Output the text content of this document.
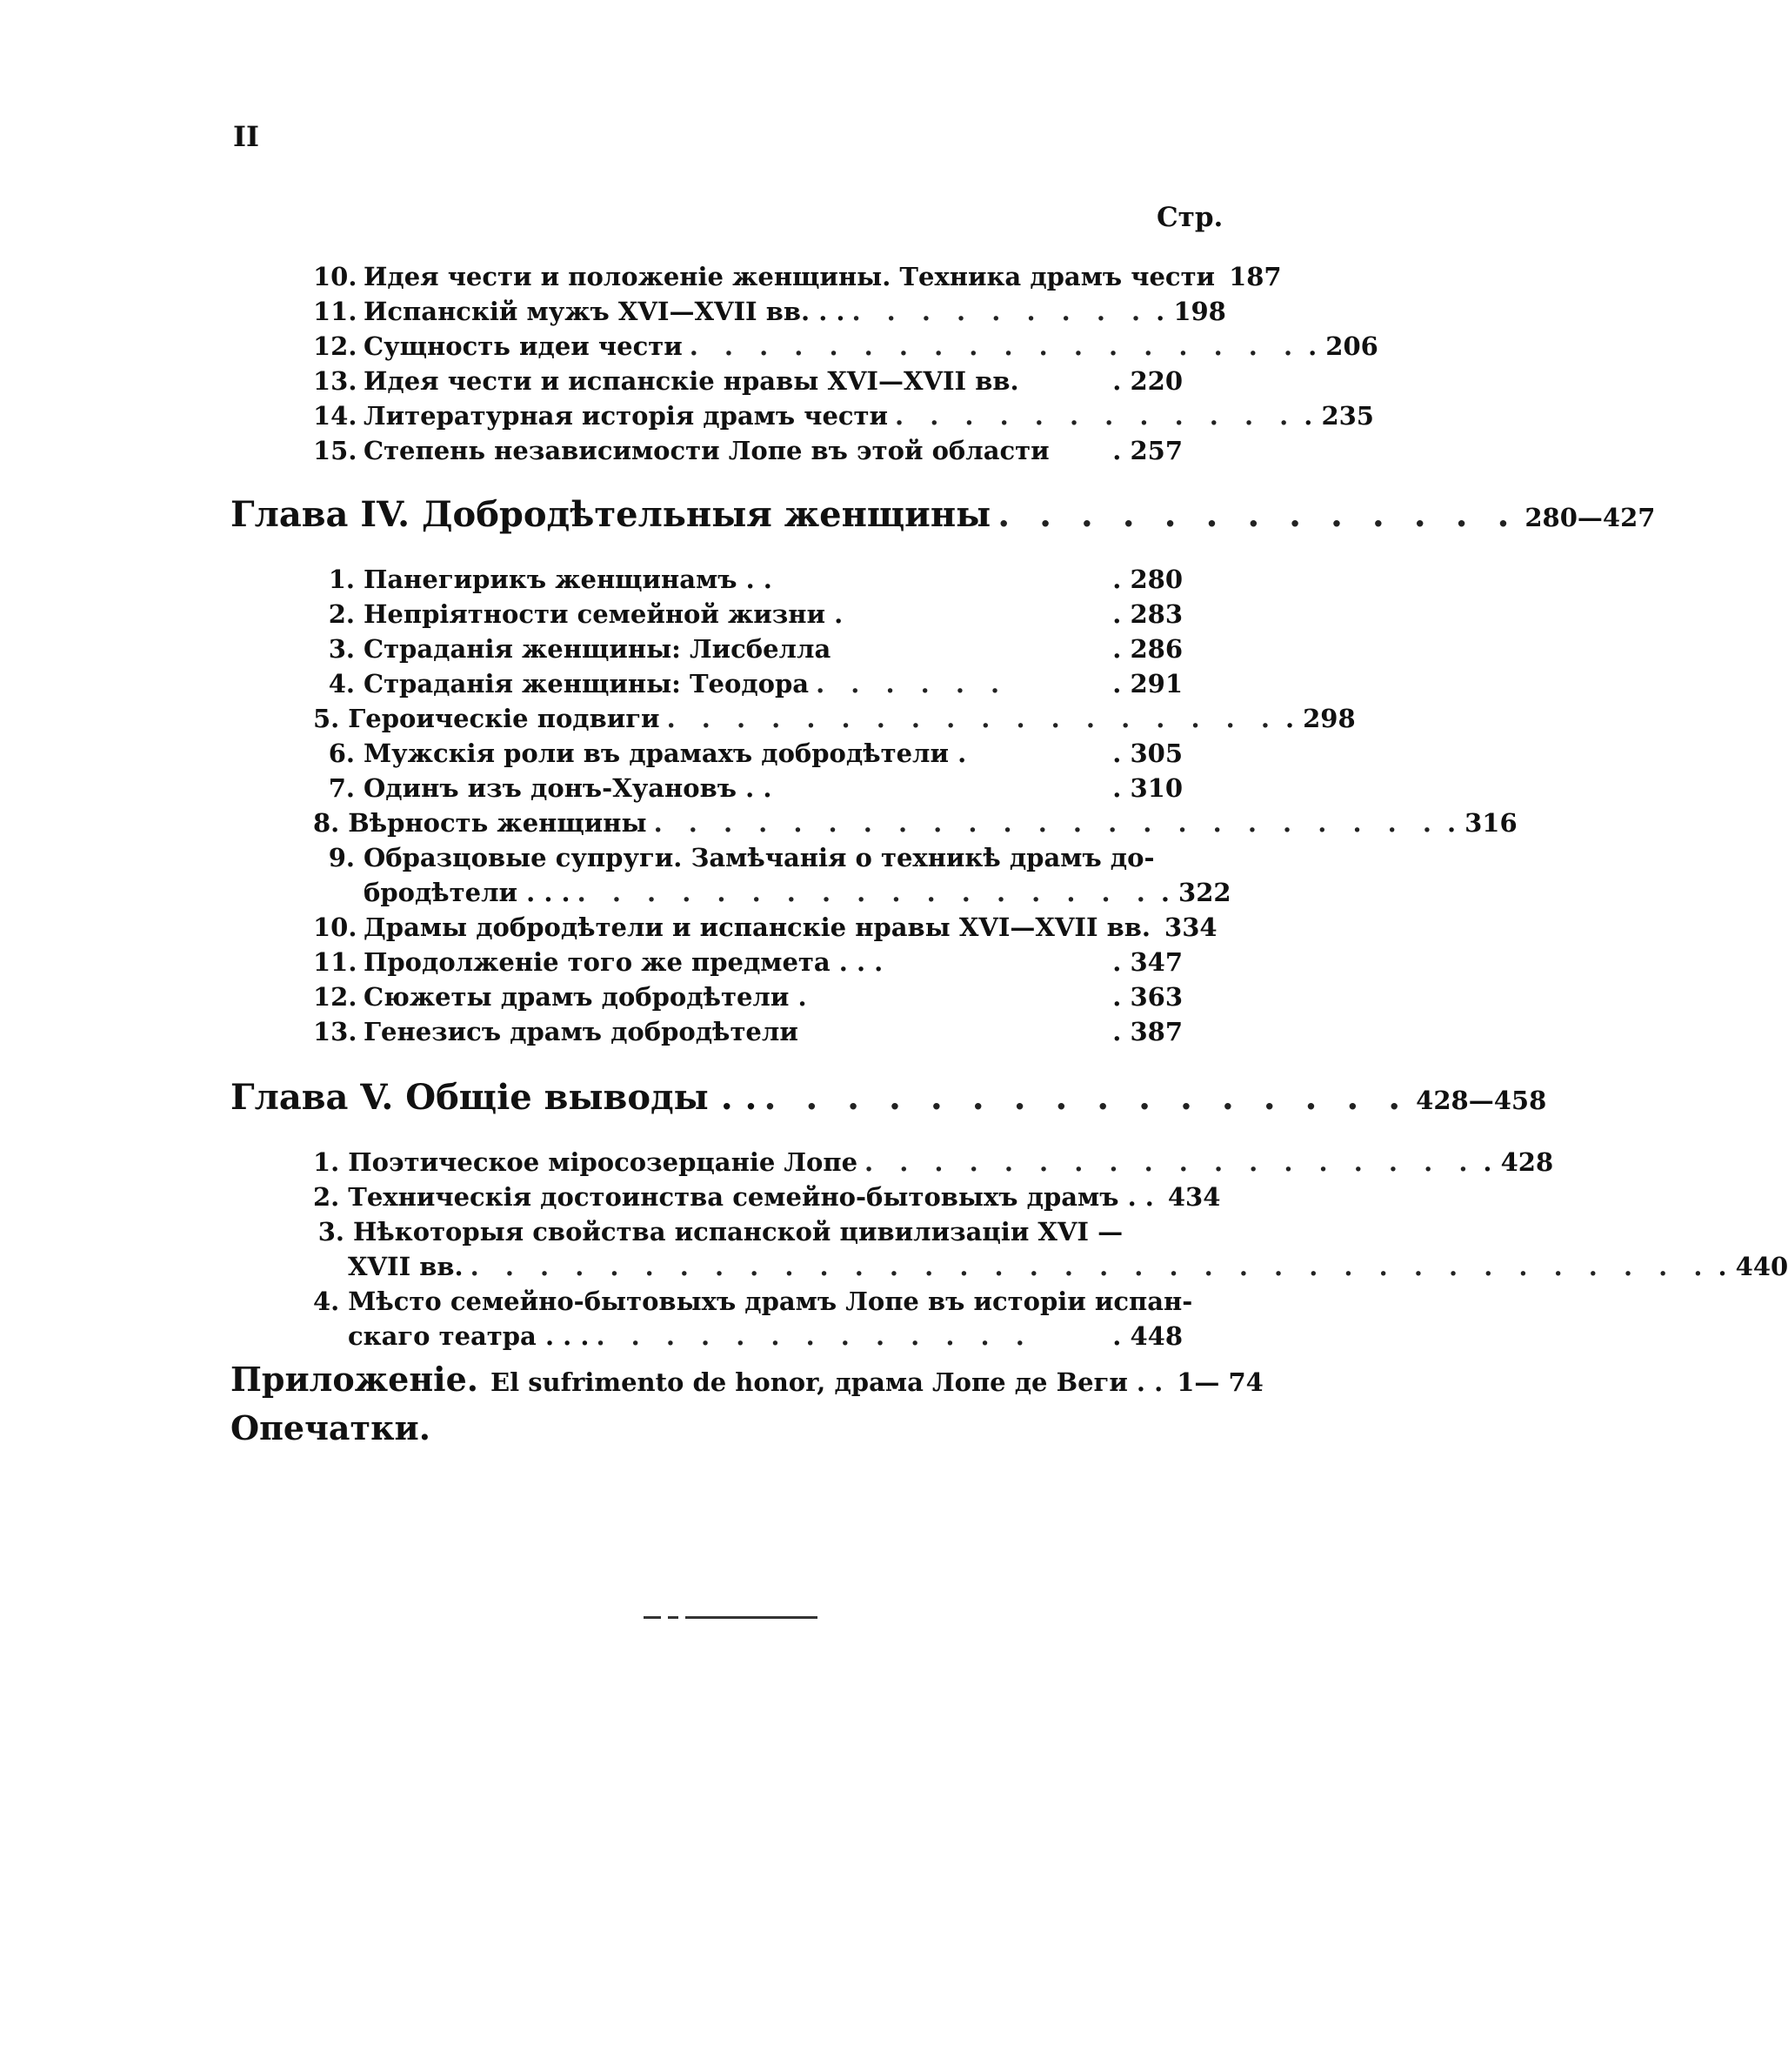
II
Стр.
10. Идея чести и положеніе женщины. Техника драмъ чести 187
11. Испанскій мужъ XVI—XVII вв. . . . . . . . . . . . . 198
12. Сущность идеи чести . . . . . . . . . . . . . . . . . . . 206
13. Идея чести и испанскіе нравы XVI—XVII вв.	. 220
14. Литературная исторія драмъ чести . . . . . . . . . . . . . 235
15. Степень независимости Лопе въ этой области	. 257
Глава IV. Добродѣтельныя женщины . . . . . . . . . . . . . 280—427
1. Панегирикъ женщинамъ . .	. 280
2. Непріятности семейной жизни .	. 283
3. Страданія женщины: Лисбелла	. 286
4. Страданія женщины: Теодора . . . . . .	. 291
5. Героическіе подвиги . . . . . . . . . . . . . . . . . . . 298
6. Мужскія роли въ драмахъ добродѣтели .	. 305
7. Одинъ изъ донъ-Хуановъ . .	. 310
8. Вѣрность женщины . . . . . . . . . . . . . . . . . . . . . . . . 316
9. Образцовые супруги. Замѣчанія о техникѣ драмъ до-
бродѣтели . . . . . . . . . . . . . . . . . . . . . 322
10. Драмы добродѣтели и испанскіе нравы XVI—XVII вв. 334
11. Продолженіе того же предмета . . .	. 347
12. Сюжеты драмъ добродѣтели .	. 363
13. Генезисъ драмъ добродѣтели	. 387
Глава V. Общіе выводы . . . . . . . . . . . . . . . . . . 428—458
1. Поэтическое міросозерцаніе Лопе . . . . . . . . . . . . . . . . . . . 428
2. Техническія достоинства семейно-бытовыхъ драмъ . . 434
3. Нѣкоторыя свойства испанской цивилизаціи XVI —
XVII вв. . . . . . . . . . . . . . . . . . . . . . . . . . . . . . . . . . . . . . 440
4. Мѣсто семейно-бытовыхъ драмъ Лопе въ исторіи испан-
скаго театра . . . . . . . . . . . . . . . .	. 448
Приложеніе. El sufrimento de honor, драма Лопе де Веги . . 1— 74
Опечатки.
